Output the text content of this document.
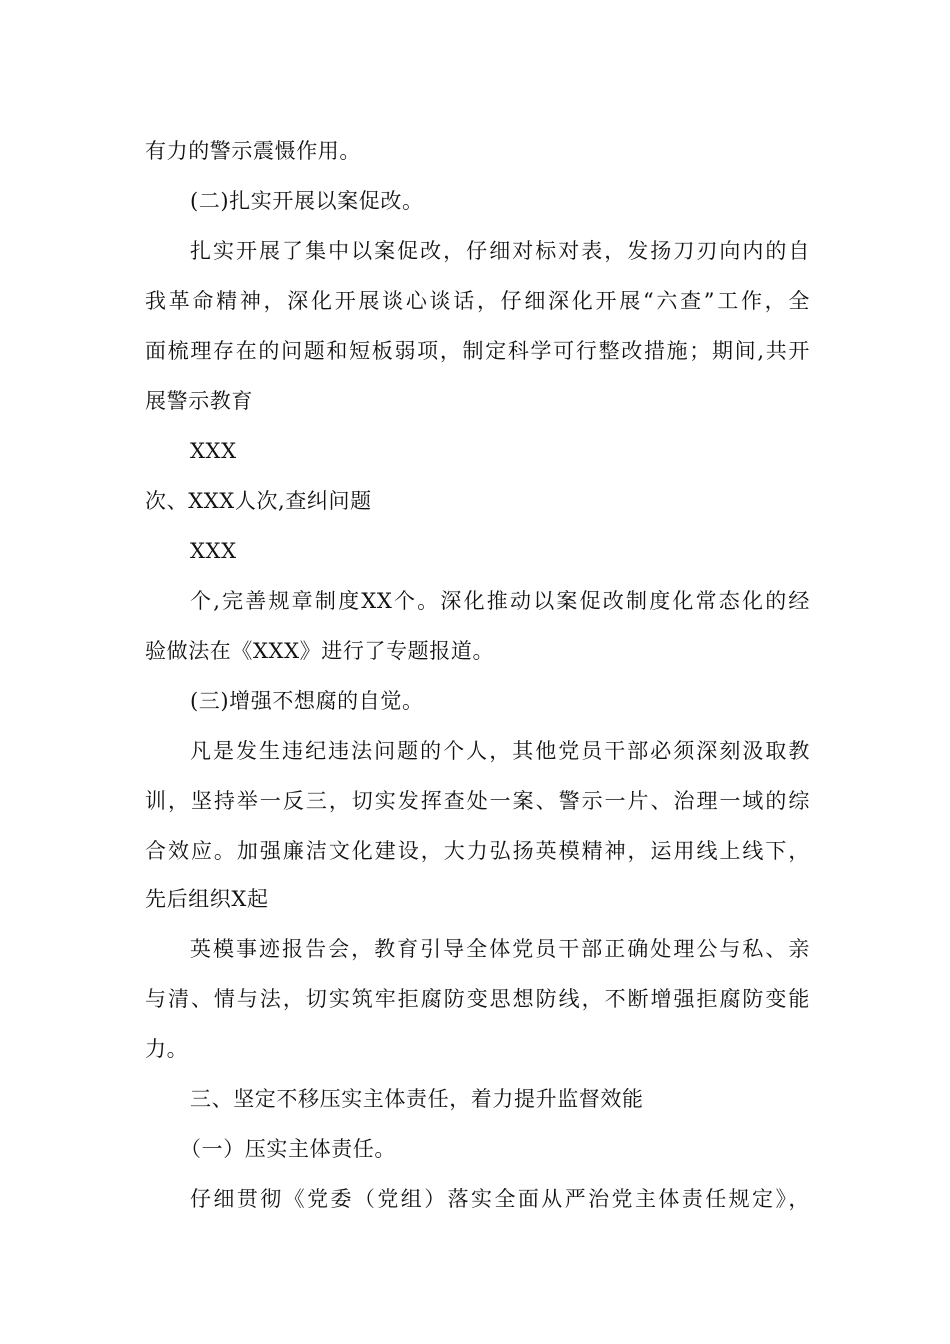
有力的警示震慑作用。
(二)扎实开展以案促改。
扎实开展了集中以案促改，仔细对标对表，发扬刀刃向内的自
我革命精神，深化开展谈心谈话，仔细深化开展“六查”工作，全
面梳理存在的问题和短板弱项，制定科学可行整改措施；期间,共开
展警示教育
XXX
次、XXX人次,查纠问题
XXX
个,完善规章制度XX个。深化推动以案促改制度化常态化的经
验做法在《XXX》进行了专题报道。
(三)增强不想腐的自觉。
凡是发生违纪违法问题的个人，其他党员干部必须深刻汲取教
训，坚持举一反三，切实发挥查处一案、警示一片、治理一域的综
合效应。加强廉洁文化建设，大力弘扬英模精神，运用线上线下，
先后组织X起
英模事迹报告会，教育引导全体党员干部正确处理公与私、亲
与清、情与法，切实筑牢拒腐防变思想防线，不断增强拒腐防变能
力。
三、坚定不移压实主体责任，着力提升监督效能
（一）压实主体责任。
仔细贯彻《党委（党组）落实全面从严治党主体责任规定》，
